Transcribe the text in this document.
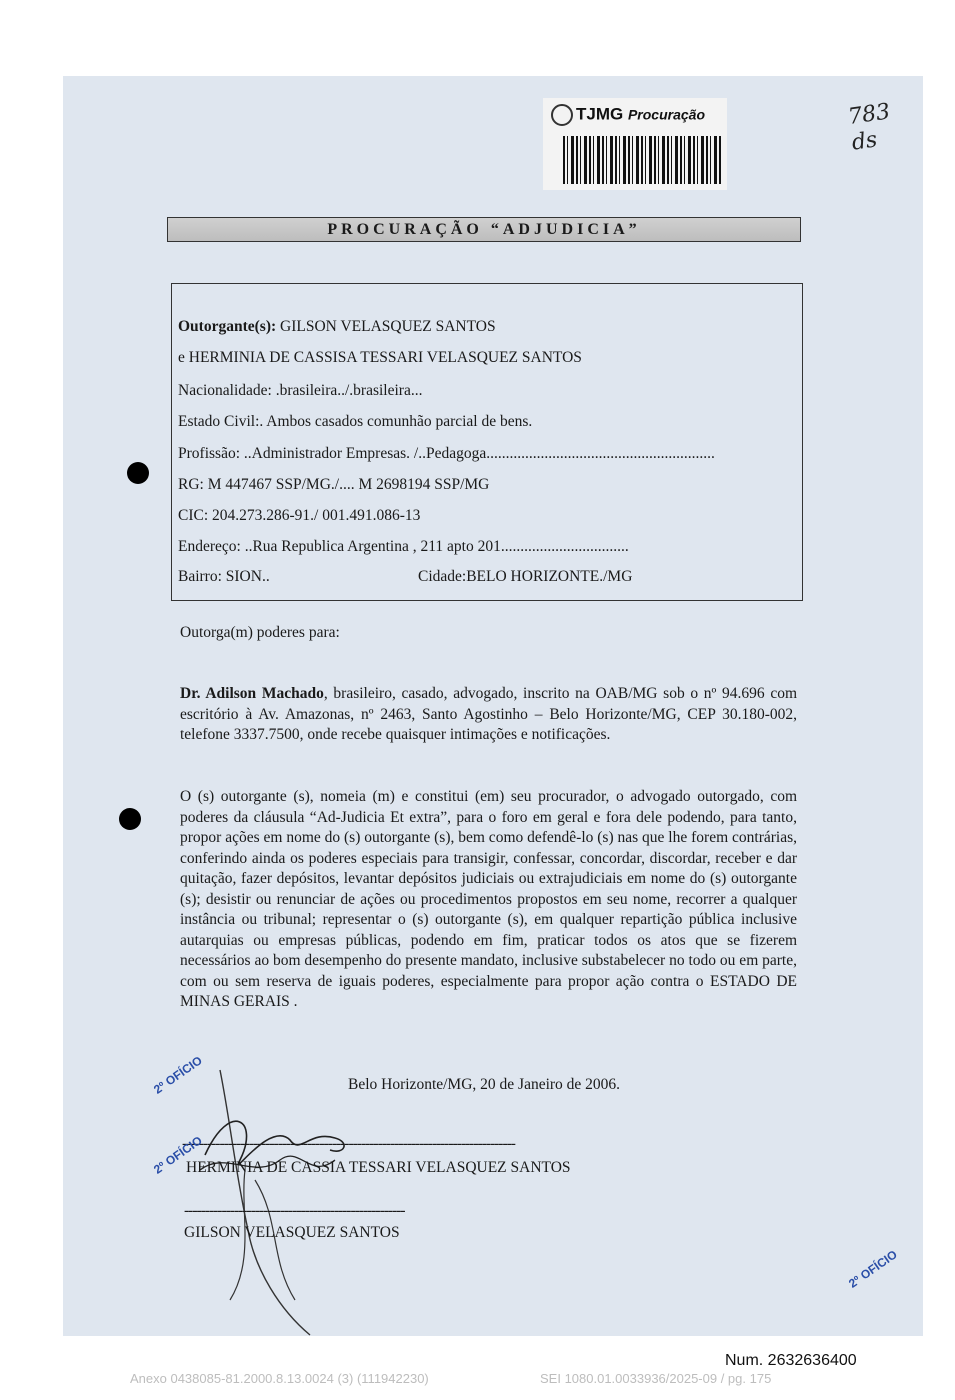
TJMG Procuração	783
ds
PROCURAÇÃO “ADJUDICIA”
Outorgante(s): GILSON VELASQUEZ SANTOS
e HERMINIA DE CASSISA TESSARI VELASQUEZ SANTOS
Nacionalidade: .brasileira../.brasileira...
Estado Civil:. Ambos casados comunhão parcial de bens.
Profissão: ..Administrador Empresas. /..Pedagoga...........................................................
RG: M 447467 SSP/MG./.... M 2698194 SSP/MG
CIC: 204.273.286-91./ 001.491.086-13
Endereço: ..Rua Republica Argentina , 211 apto 201.................................
Bairro: SION..	Cidade:BELO HORIZONTE./MG
Outorga(m) poderes para:
Dr. Adilson Machado, brasileiro, casado, advogado, inscrito na OAB/MG sob o nº 94.696 com escritório à Av. Amazonas, nº 2463, Santo Agostinho – Belo Horizonte/MG, CEP 30.180-002, telefone 3337.7500, onde recebe quaisquer intimações e notificações.
O (s) outorgante (s), nomeia (m) e constitui (em) seu procurador, o advogado outorgado, com poderes da cláusula “Ad-Judicia Et extra”, para o foro em geral e fora dele podendo, para tanto, propor ações em nome do (s) outorgante (s), bem como defendê-lo (s) nas que lhe forem contrárias, conferindo ainda os poderes especiais para transigir, confessar, concordar, discordar, receber e dar quitação, fazer depósitos, levantar depósitos judiciais ou extrajudiciais em nome do (s) outorgante (s); desistir ou renunciar de ações ou procedimentos propostos em seu nome, recorrer a qualquer instância ou tribunal; representar o (s) outorgante (s), em qualquer repartição pública inclusive autarquias ou empresas públicas, podendo em fim, praticar todos os atos que se fizerem necessários ao bom desempenho do presente mandato, inclusive substabelecer no todo ou em parte, com ou sem reserva de iguais poderes, especialmente para propor ação contra o ESTADO DE MINAS GERAIS .
Belo Horizonte/MG, 20 de Janeiro de 2006.
--------------------------------------------------------------------------------
HERMINIA DE CASSIA TESSARI VELASQUEZ SANTOS
-----------------------------------------------------
GILSON VELASQUEZ SANTOS
2º OFÍCIO
2º OFÍCIO
2º OFÍCIO
Num. 2632636400
Anexo 0438085-81.2000.8.13.0024 (3) (111942230)	SEI 1080.01.0033936/2025-09 / pg. 175
